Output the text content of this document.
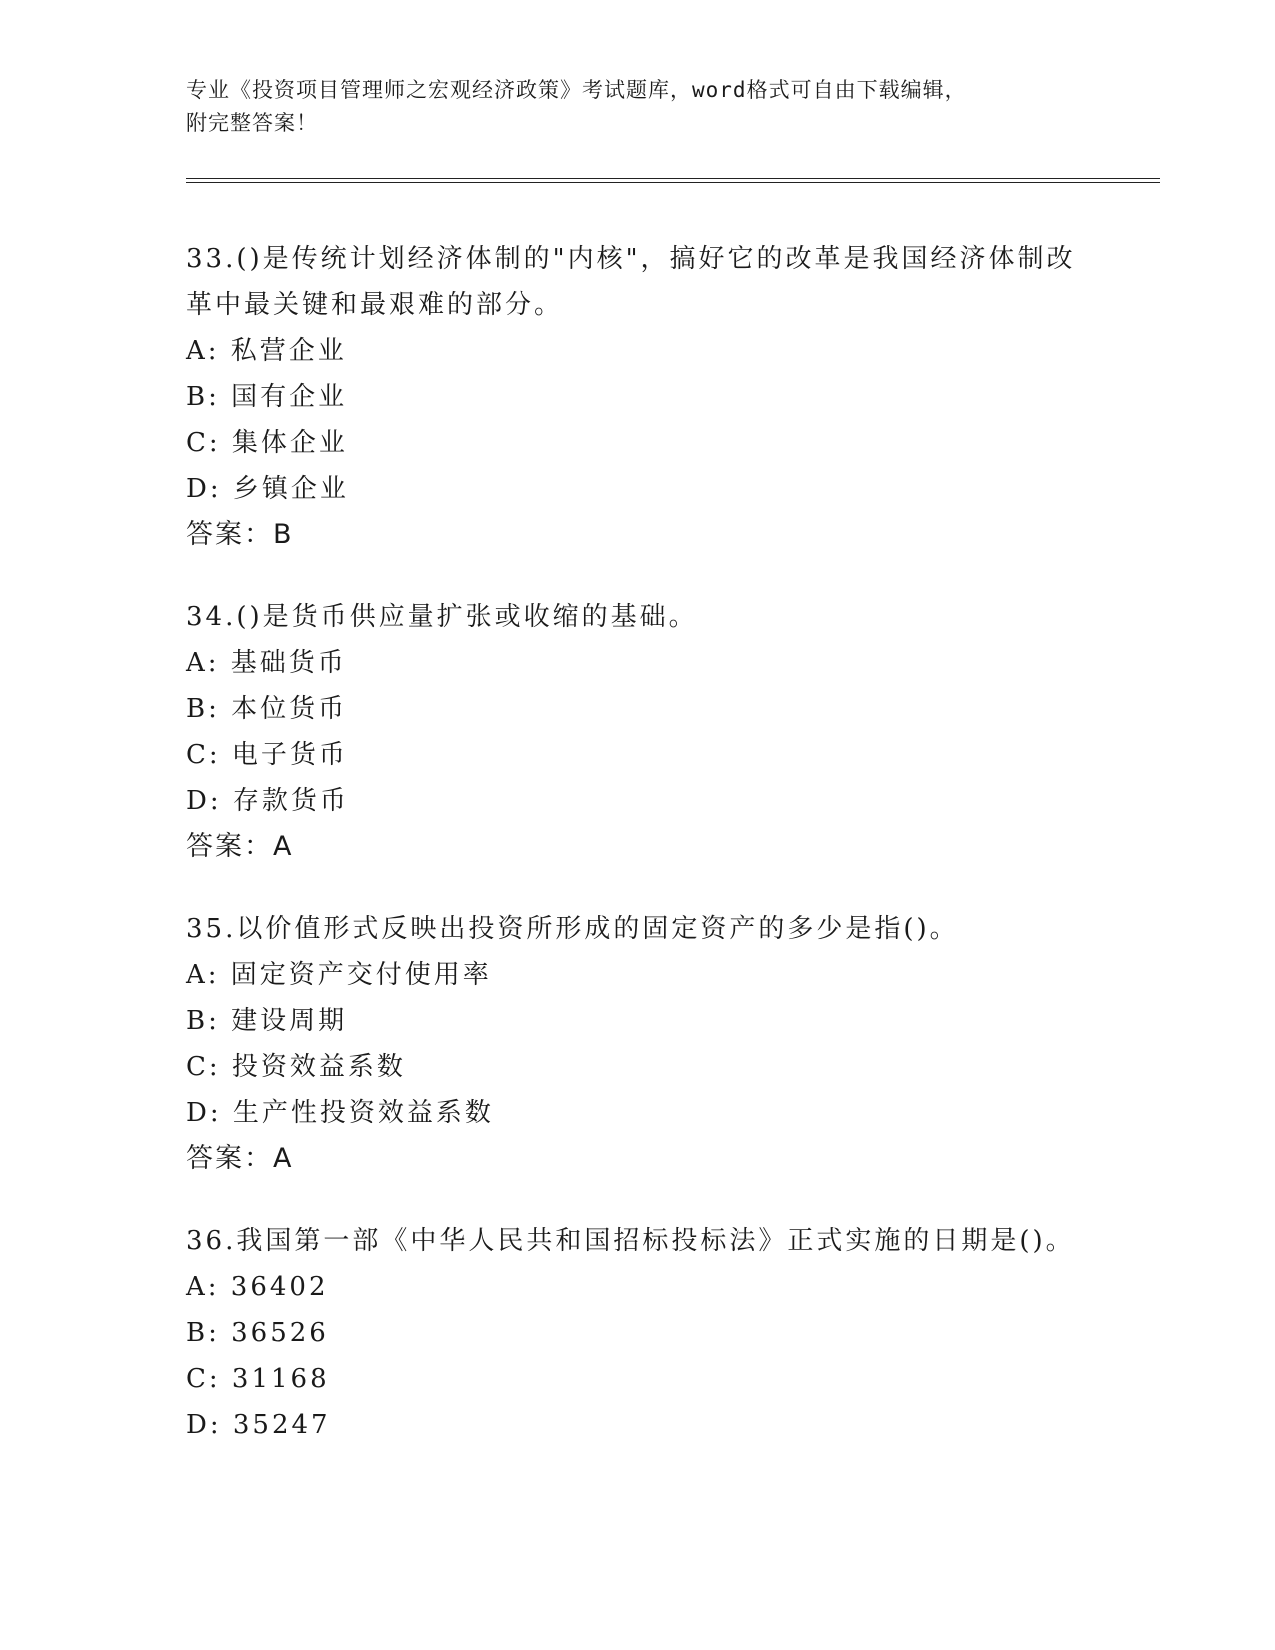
专业《投资项目管理师之宏观经济政策》考试题库，word格式可自由下载编辑，
附完整答案！
33.()是传统计划经济体制的"内核"，搞好它的改革是我国经济体制改
革中最关键和最艰难的部分。
A: 私营企业
B: 国有企业
C: 集体企业
D: 乡镇企业
答案：B
34.()是货币供应量扩张或收缩的基础。
A: 基础货币
B: 本位货币
C: 电子货币
D: 存款货币
答案：A
35.以价值形式反映出投资所形成的固定资产的多少是指()。
A: 固定资产交付使用率
B: 建设周期
C: 投资效益系数
D: 生产性投资效益系数
答案：A
36.我国第一部《中华人民共和国招标投标法》正式实施的日期是()。
A: 36402
B: 36526
C: 31168
D: 35247
